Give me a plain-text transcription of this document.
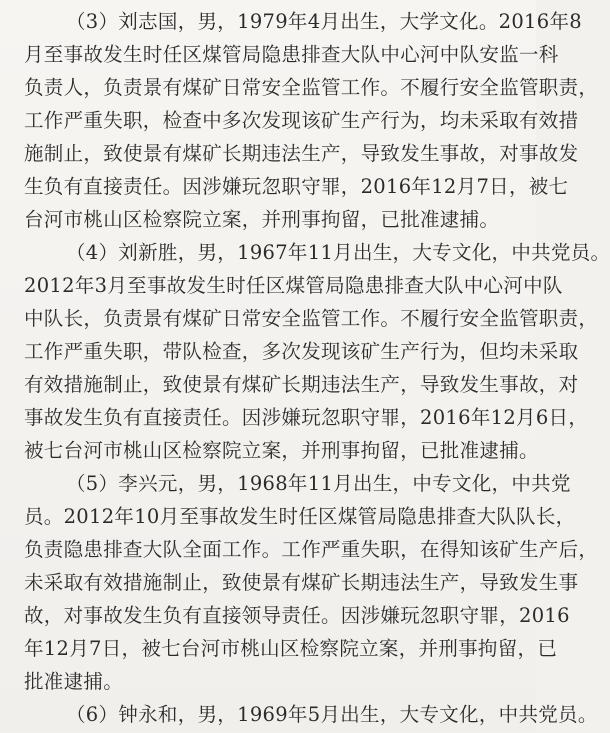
（3）刘志国，男，1979年4月出生，大学文化。2016年8
月至事故发生时任区煤管局隐患排查大队中心河中队安监一科
负责人，负责景有煤矿日常安全监管工作。不履行安全监管职责，
工作严重失职，检查中多次发现该矿生产行为，均未采取有效措
施制止，致使景有煤矿长期违法生产，导致发生事故，对事故发
生负有直接责任。因涉嫌玩忽职守罪，2016年12月7日，被七
台河市桃山区检察院立案，并刑事拘留，已批准逮捕。
（4）刘新胜，男，1967年11月出生，大专文化，中共党员。
2012年3月至事故发生时任区煤管局隐患排查大队中心河中队
中队长，负责景有煤矿日常安全监管工作。不履行安全监管职责，
工作严重失职，带队检查，多次发现该矿生产行为，但均未采取
有效措施制止，致使景有煤矿长期违法生产，导致发生事故，对
事故发生负有直接责任。因涉嫌玩忽职守罪，2016年12月6日，
被七台河市桃山区检察院立案，并刑事拘留，已批准逮捕。
（5）李兴元，男，1968年11月出生，中专文化，中共党
员。2012年10月至事故发生时任区煤管局隐患排查大队队长，
负责隐患排查大队全面工作。工作严重失职，在得知该矿生产后，
未采取有效措施制止，致使景有煤矿长期违法生产，导致发生事
故，对事故发生负有直接领导责任。因涉嫌玩忽职守罪，2016
年12月7日，被七台河市桃山区检察院立案，并刑事拘留，已
批准逮捕。
（6）钟永和，男，1969年5月出生，大专文化，中共党员。
